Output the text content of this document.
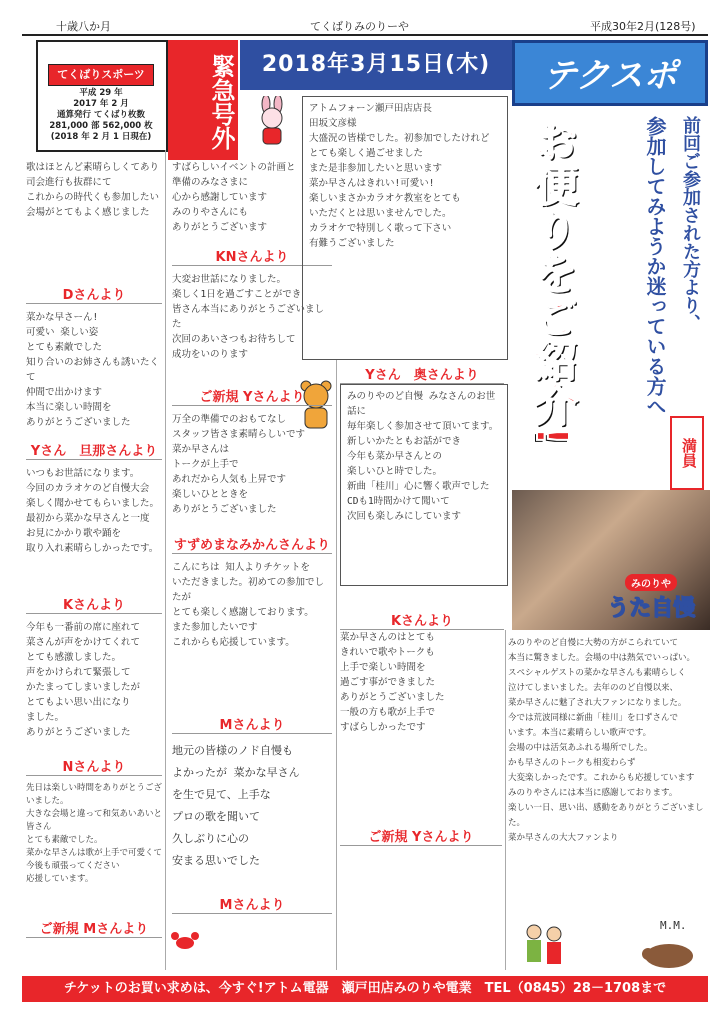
十歳八か月	てくばりみのりーや	平成30年2月(128号)
てくばりスポーツ
平成 29 年
2017 年 2 月
通算発行 てくばり枚数
281,000 部 562,000 枚
(2018 年 2 月 1 日現在)	緊急号外	2018年3月15日(木)	テクスポ
歌はほとんど素晴らしくてあり司会進行も抜群にて
これからの時代くも参加したい
会場がとてもよく感じました
Dさんより
菜かな早さーん!
可愛い 楽しい姿
とても素敵でした
知り合いのお姉さんも誘いたくて
仲間で出かけます
本当に楽しい時間を
ありがとうございました
Yさん　旦那さんより
いつもお世話になります。
今回のカラオケのど自慢大会
楽しく聞かせてもらいました。
最初から菜かな早さんと一度
お見にかかり歌や踊を
取り入れ素晴らしかったです。
Kさんより
今年も一番前の席に座れて
菜さんが声をかけてくれて
とても感激しました。
声をかけられて緊張して
かたまってしまいましたが
とてもよい思い出になり
ました。
ありがとうございました
Nさんより
先日は楽しい時間をありがとうございました。
大きな会場と違って和気あいあいと皆さん
とても素敵でした。
菜かな早さんは歌が上手で可愛くて
今後も頑張ってください
応援しています。
ご新規 Mさんより
すばらしいイベントの計画と
準備のみなさまに
心から感謝しています
みのりやさんにも
ありがとうございます
KNさんより
大変お世話になりました。
楽しく1日を過ごすことができ
皆さん本当にありがとうございました
次回のあいさつもお待ちして
成功をいのります
ご新規 Yさんより
万全の準備でのおもてなし
スタッフ皆さま素晴らしいです
菜か早さんは
トークが上手で
あれだから人気も上昇です
楽しいひとときを
ありがとうございました
すずめまなみかんさんより
こんにちは 知人よりチケットを
いただきました。初めての参加でしたが
とても楽しく感謝しております。
また参加したいです
これからも応援しています。
Mさんより
地元の皆様のノド自慢も
よかったが 菜かな早さん
を生で見て、上手な
プロの歌を聞いて
久しぶりに心の
安まる思いでした
Mさんより
アトムフォーン瀬戸田店店長
田坂文彦様
大盛況の皆様でした。初参加でしたけれど
とても楽しく過ごせました
また是非参加したいと思います
菜か早さんはきれい!可愛い!
楽しいまさかカラオケ教室をとても
いただくとは思いませんでした。
カラオケで特別しく歌って下さい
有難うございました
Yさん　奥さんより
みのりやのど自慢 みなさんのお世話に
毎年楽しく参加させて頂いてます。
新しいかたともお話ができ
今年も菜か早さんとの
楽しいひと時でした。
新曲「桂川」心に響く歌声でした
CDも1時間かけて聞いて
次回も楽しみにしています
Kさんより
菜か早さんのはとても
きれいで歌やトークも
上手で楽しい時間を
過ごす事ができました
ありがとうございました
一般の方も歌が上手で
すばらしかったです
ご新規 Yさんより
お便りをご紹介!	参加してみようか迷っている方へ 前回ご参加された方より、
満員
みのりや
うた自慢
みのりやのど自慢に大勢の方がこられていて
本当に驚きました。会場の中は熱気でいっぱい。
スペシャルゲストの菜かな早さんも素晴らしく
泣けてしまいました。去年ののど自慢以来、
菜か早さんに魅了され大ファンになりました。
今では荒波同様に新曲「桂川」を口ずさんで
います。本当に素晴らしい歌声です。
会場の中は活気あふれる場所でした。
かも早さんのトークも相変わらず
大変楽しかったです。これからも応援しています
みのりやさんには本当に感謝しております。
楽しい一日、思い出、感動をありがとうございました。
菜か早さんの大大ファンより
M.M.
チケットのお買い求めは、今すぐ!アトム電器　瀬戸田店みのりや電業　TEL（0845）28－1708まで
